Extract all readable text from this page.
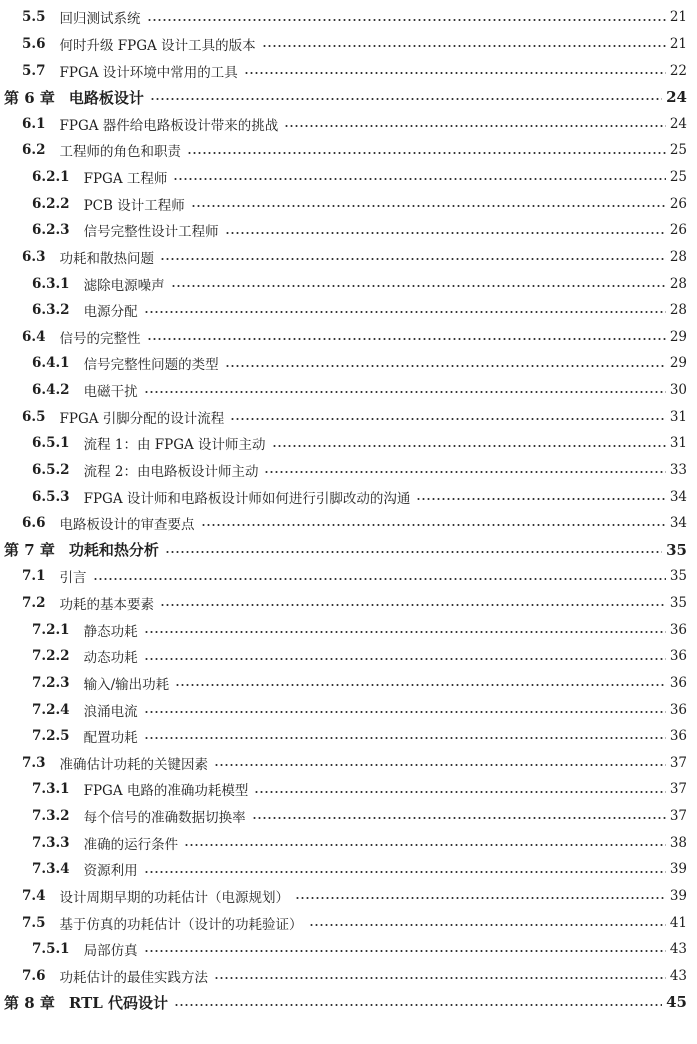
5.5 回归测试系统	21
5.6 何时升级 FPGA 设计工具的版本	21
5.7 FPGA 设计环境中常用的工具	22
第 6 章 电路板设计	24
6.1 FPGA 器件给电路板设计带来的挑战	24
6.2 工程师的角色和职责	25
6.2.1 FPGA 工程师	25
6.2.2 PCB 设计工程师	26
6.2.3 信号完整性设计工程师	26
6.3 功耗和散热问题	28
6.3.1 滤除电源噪声	28
6.3.2 电源分配	28
6.4 信号的完整性	29
6.4.1 信号完整性问题的类型	29
6.4.2 电磁干扰	30
6.5 FPGA 引脚分配的设计流程	31
6.5.1 流程 1：由 FPGA 设计师主动	31
6.5.2 流程 2：由电路板设计师主动	33
6.5.3 FPGA 设计师和电路板设计师如何进行引脚改动的沟通	34
6.6 电路板设计的审查要点	34
第 7 章 功耗和热分析	35
7.1 引言	35
7.2 功耗的基本要素	35
7.2.1 静态功耗	36
7.2.2 动态功耗	36
7.2.3 输入/输出功耗	36
7.2.4 浪涌电流	36
7.2.5 配置功耗	36
7.3 准确估计功耗的关键因素	37
7.3.1 FPGA 电路的准确功耗模型	37
7.3.2 每个信号的准确数据切换率	37
7.3.3 准确的运行条件	38
7.3.4 资源利用	39
7.4 设计周期早期的功耗估计（电源规划）	39
7.5 基于仿真的功耗估计（设计的功耗验证）	41
7.5.1 局部仿真	43
7.6 功耗估计的最佳实践方法	43
第 8 章 RTL 代码设计	45
